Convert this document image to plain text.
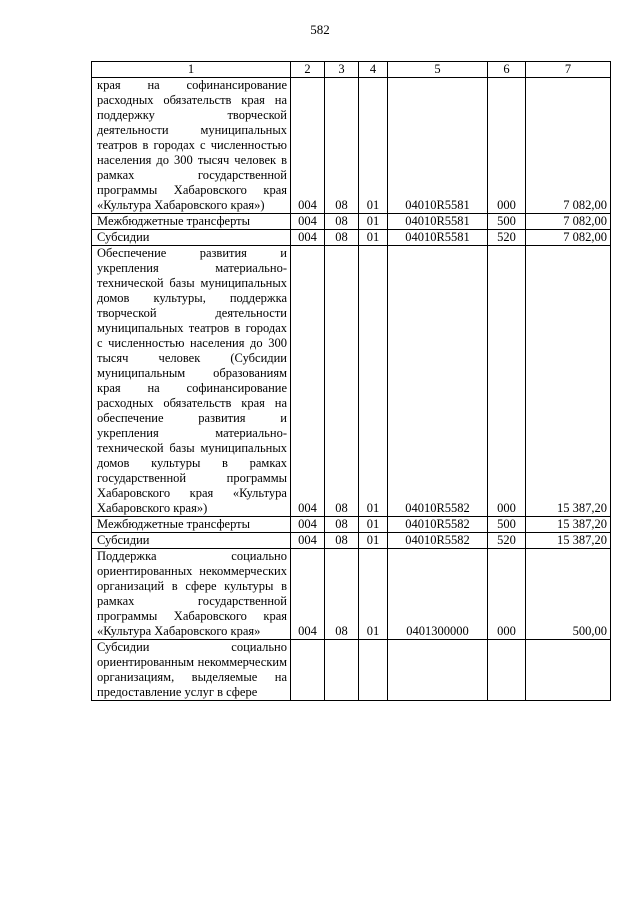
582
1	2	3	4	5	6	7
края на софинансирование расходных обязательств края на поддержку творческой деятельности муниципальных театров в городах с численностью населения до 300 тысяч человек в рамках государственной программы Хабаровского края «Культура Хабаровского края»)	004	08	01	04010R5581	000	7 082,00
Межбюджетные трансферты	004	08	01	04010R5581	500	7 082,00
Субсидии	004	08	01	04010R5581	520	7 082,00
Обеспечение развития и укрепления материально-технической базы муниципальных домов культуры, поддержка творческой деятельности муниципальных театров в городах с численностью населения до 300 тысяч человек (Субсидии муниципальным образованиям края на софинансирование расходных обязательств края на обеспечение развития и укрепления материально-технической базы муниципальных домов культуры в рамках государственной программы Хабаровского края «Культура Хабаровского края»)	004	08	01	04010R5582	000	15 387,20
Межбюджетные трансферты	004	08	01	04010R5582	500	15 387,20
Субсидии	004	08	01	04010R5582	520	15 387,20
Поддержка социально ориентированных некоммерческих организаций в сфере культуры в рамках государственной программы Хабаровского края «Культура Хабаровского края»	004	08	01	0401300000	000	500,00
Субсидии социально ориентированным некоммерческим организациям, выделяемые на предоставление услуг в сфере						
